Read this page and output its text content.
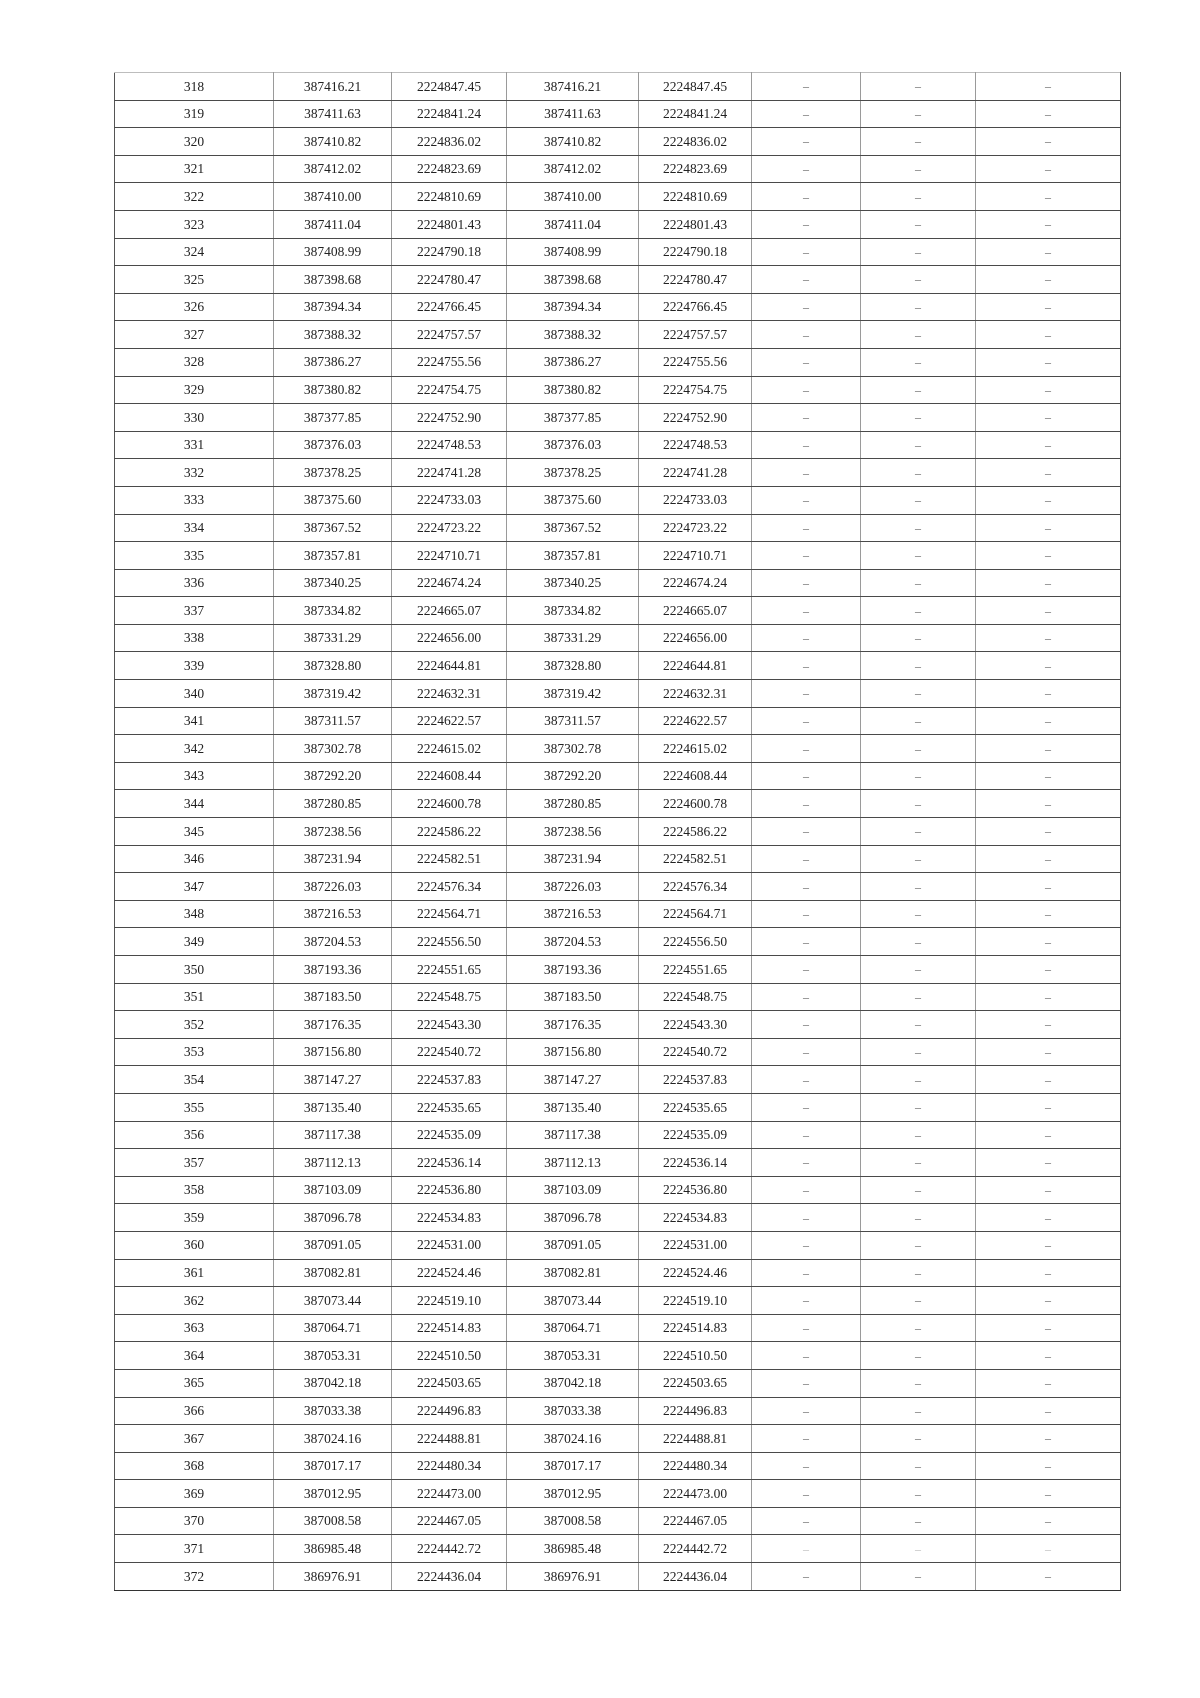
318	387416.21	2224847.45	387416.21	2224847.45	–	–	–
319	387411.63	2224841.24	387411.63	2224841.24	–	–	–
320	387410.82	2224836.02	387410.82	2224836.02	–	–	–
321	387412.02	2224823.69	387412.02	2224823.69	–	–	–
322	387410.00	2224810.69	387410.00	2224810.69	–	–	–
323	387411.04	2224801.43	387411.04	2224801.43	–	–	–
324	387408.99	2224790.18	387408.99	2224790.18	–	–	–
325	387398.68	2224780.47	387398.68	2224780.47	–	–	–
326	387394.34	2224766.45	387394.34	2224766.45	–	–	–
327	387388.32	2224757.57	387388.32	2224757.57	–	–	–
328	387386.27	2224755.56	387386.27	2224755.56	–	–	–
329	387380.82	2224754.75	387380.82	2224754.75	–	–	–
330	387377.85	2224752.90	387377.85	2224752.90	–	–	–
331	387376.03	2224748.53	387376.03	2224748.53	–	–	–
332	387378.25	2224741.28	387378.25	2224741.28	–	–	–
333	387375.60	2224733.03	387375.60	2224733.03	–	–	–
334	387367.52	2224723.22	387367.52	2224723.22	–	–	–
335	387357.81	2224710.71	387357.81	2224710.71	–	–	–
336	387340.25	2224674.24	387340.25	2224674.24	–	–	–
337	387334.82	2224665.07	387334.82	2224665.07	–	–	–
338	387331.29	2224656.00	387331.29	2224656.00	–	–	–
339	387328.80	2224644.81	387328.80	2224644.81	–	–	–
340	387319.42	2224632.31	387319.42	2224632.31	–	–	–
341	387311.57	2224622.57	387311.57	2224622.57	–	–	–
342	387302.78	2224615.02	387302.78	2224615.02	–	–	–
343	387292.20	2224608.44	387292.20	2224608.44	–	–	–
344	387280.85	2224600.78	387280.85	2224600.78	–	–	–
345	387238.56	2224586.22	387238.56	2224586.22	–	–	–
346	387231.94	2224582.51	387231.94	2224582.51	–	–	–
347	387226.03	2224576.34	387226.03	2224576.34	–	–	–
348	387216.53	2224564.71	387216.53	2224564.71	–	–	–
349	387204.53	2224556.50	387204.53	2224556.50	–	–	–
350	387193.36	2224551.65	387193.36	2224551.65	–	–	–
351	387183.50	2224548.75	387183.50	2224548.75	–	–	–
352	387176.35	2224543.30	387176.35	2224543.30	–	–	–
353	387156.80	2224540.72	387156.80	2224540.72	–	–	–
354	387147.27	2224537.83	387147.27	2224537.83	–	–	–
355	387135.40	2224535.65	387135.40	2224535.65	–	–	–
356	387117.38	2224535.09	387117.38	2224535.09	–	–	–
357	387112.13	2224536.14	387112.13	2224536.14	–	–	–
358	387103.09	2224536.80	387103.09	2224536.80	–	–	–
359	387096.78	2224534.83	387096.78	2224534.83	–	–	–
360	387091.05	2224531.00	387091.05	2224531.00	–	–	–
361	387082.81	2224524.46	387082.81	2224524.46	–	–	–
362	387073.44	2224519.10	387073.44	2224519.10	–	–	–
363	387064.71	2224514.83	387064.71	2224514.83	–	–	–
364	387053.31	2224510.50	387053.31	2224510.50	–	–	–
365	387042.18	2224503.65	387042.18	2224503.65	–	–	–
366	387033.38	2224496.83	387033.38	2224496.83	–	–	–
367	387024.16	2224488.81	387024.16	2224488.81	–	–	–
368	387017.17	2224480.34	387017.17	2224480.34	–	–	–
369	387012.95	2224473.00	387012.95	2224473.00	–	–	–
370	387008.58	2224467.05	387008.58	2224467.05	–	–	–
371	386985.48	2224442.72	386985.48	2224442.72	–	–	–
372	386976.91	2224436.04	386976.91	2224436.04	–	–	–
